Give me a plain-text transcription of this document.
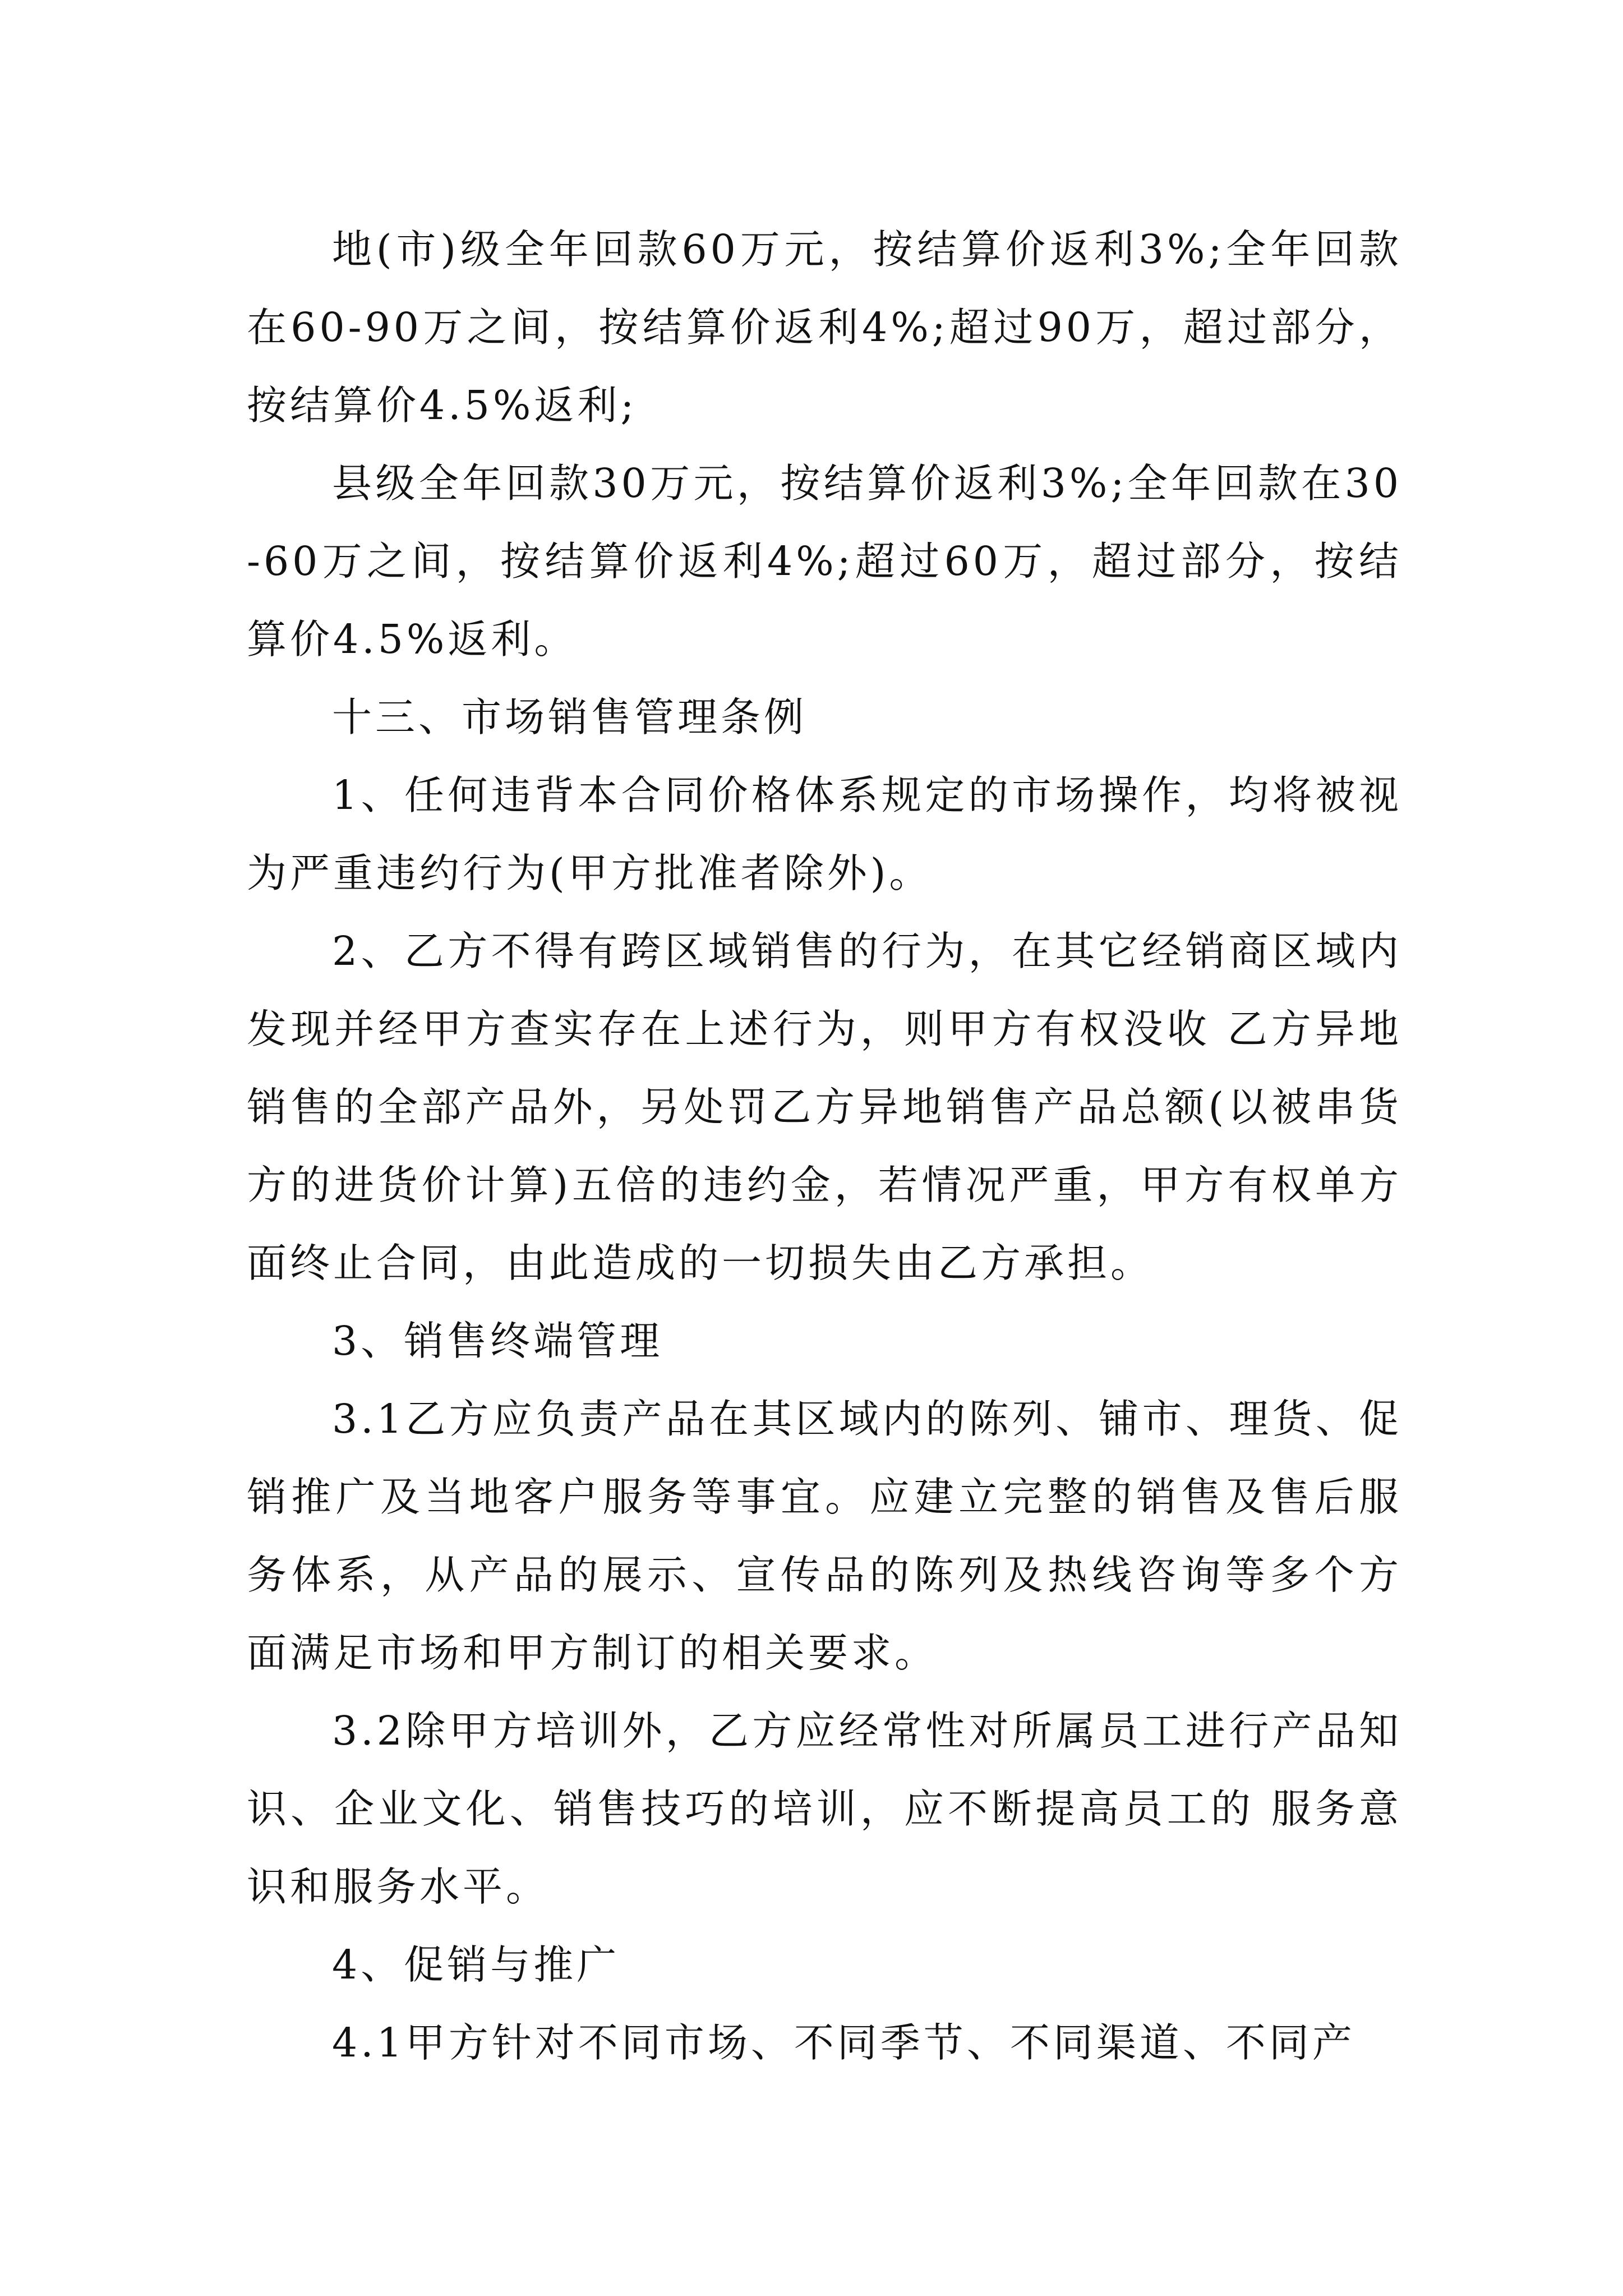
地(市)级全年回款60万元，按结算价返利3%;全年回款在60-90万之间，按结算价返利4%;超过90万，超过部分，按结算价4.5%返利;

县级全年回款30万元，按结算价返利3%;全年回款在30-60万之间，按结算价返利4%;超过60万，超过部分，按结算价4.5%返利。

十三、市场销售管理条例

1、任何违背本合同价格体系规定的市场操作，均将被视为严重违约行为(甲方批准者除外)。

2、乙方不得有跨区域销售的行为，在其它经销商区域内发现并经甲方查实存在上述行为，则甲方有权没收 乙方异地销售的全部产品外，另处罚乙方异地销售产品总额(以被串货方的进货价计算)五倍的违约金，若情况严重，甲方有权单方面终止合同，由此造成的一切损失由乙方承担。

3、销售终端管理

3.1乙方应负责产品在其区域内的陈列、铺市、理货、促销推广及当地客户服务等事宜。应建立完整的销售及售后服务体系，从产品的展示、宣传品的陈列及热线咨询等多个方面满足市场和甲方制订的相关要求。

3.2除甲方培训外，乙方应经常性对所属员工进行产品知识、企业文化、销售技巧的培训，应不断提高员工的 服务意识和服务水平。

4、促销与推广

4.1甲方针对不同市场、不同季节、不同渠道、不同产
